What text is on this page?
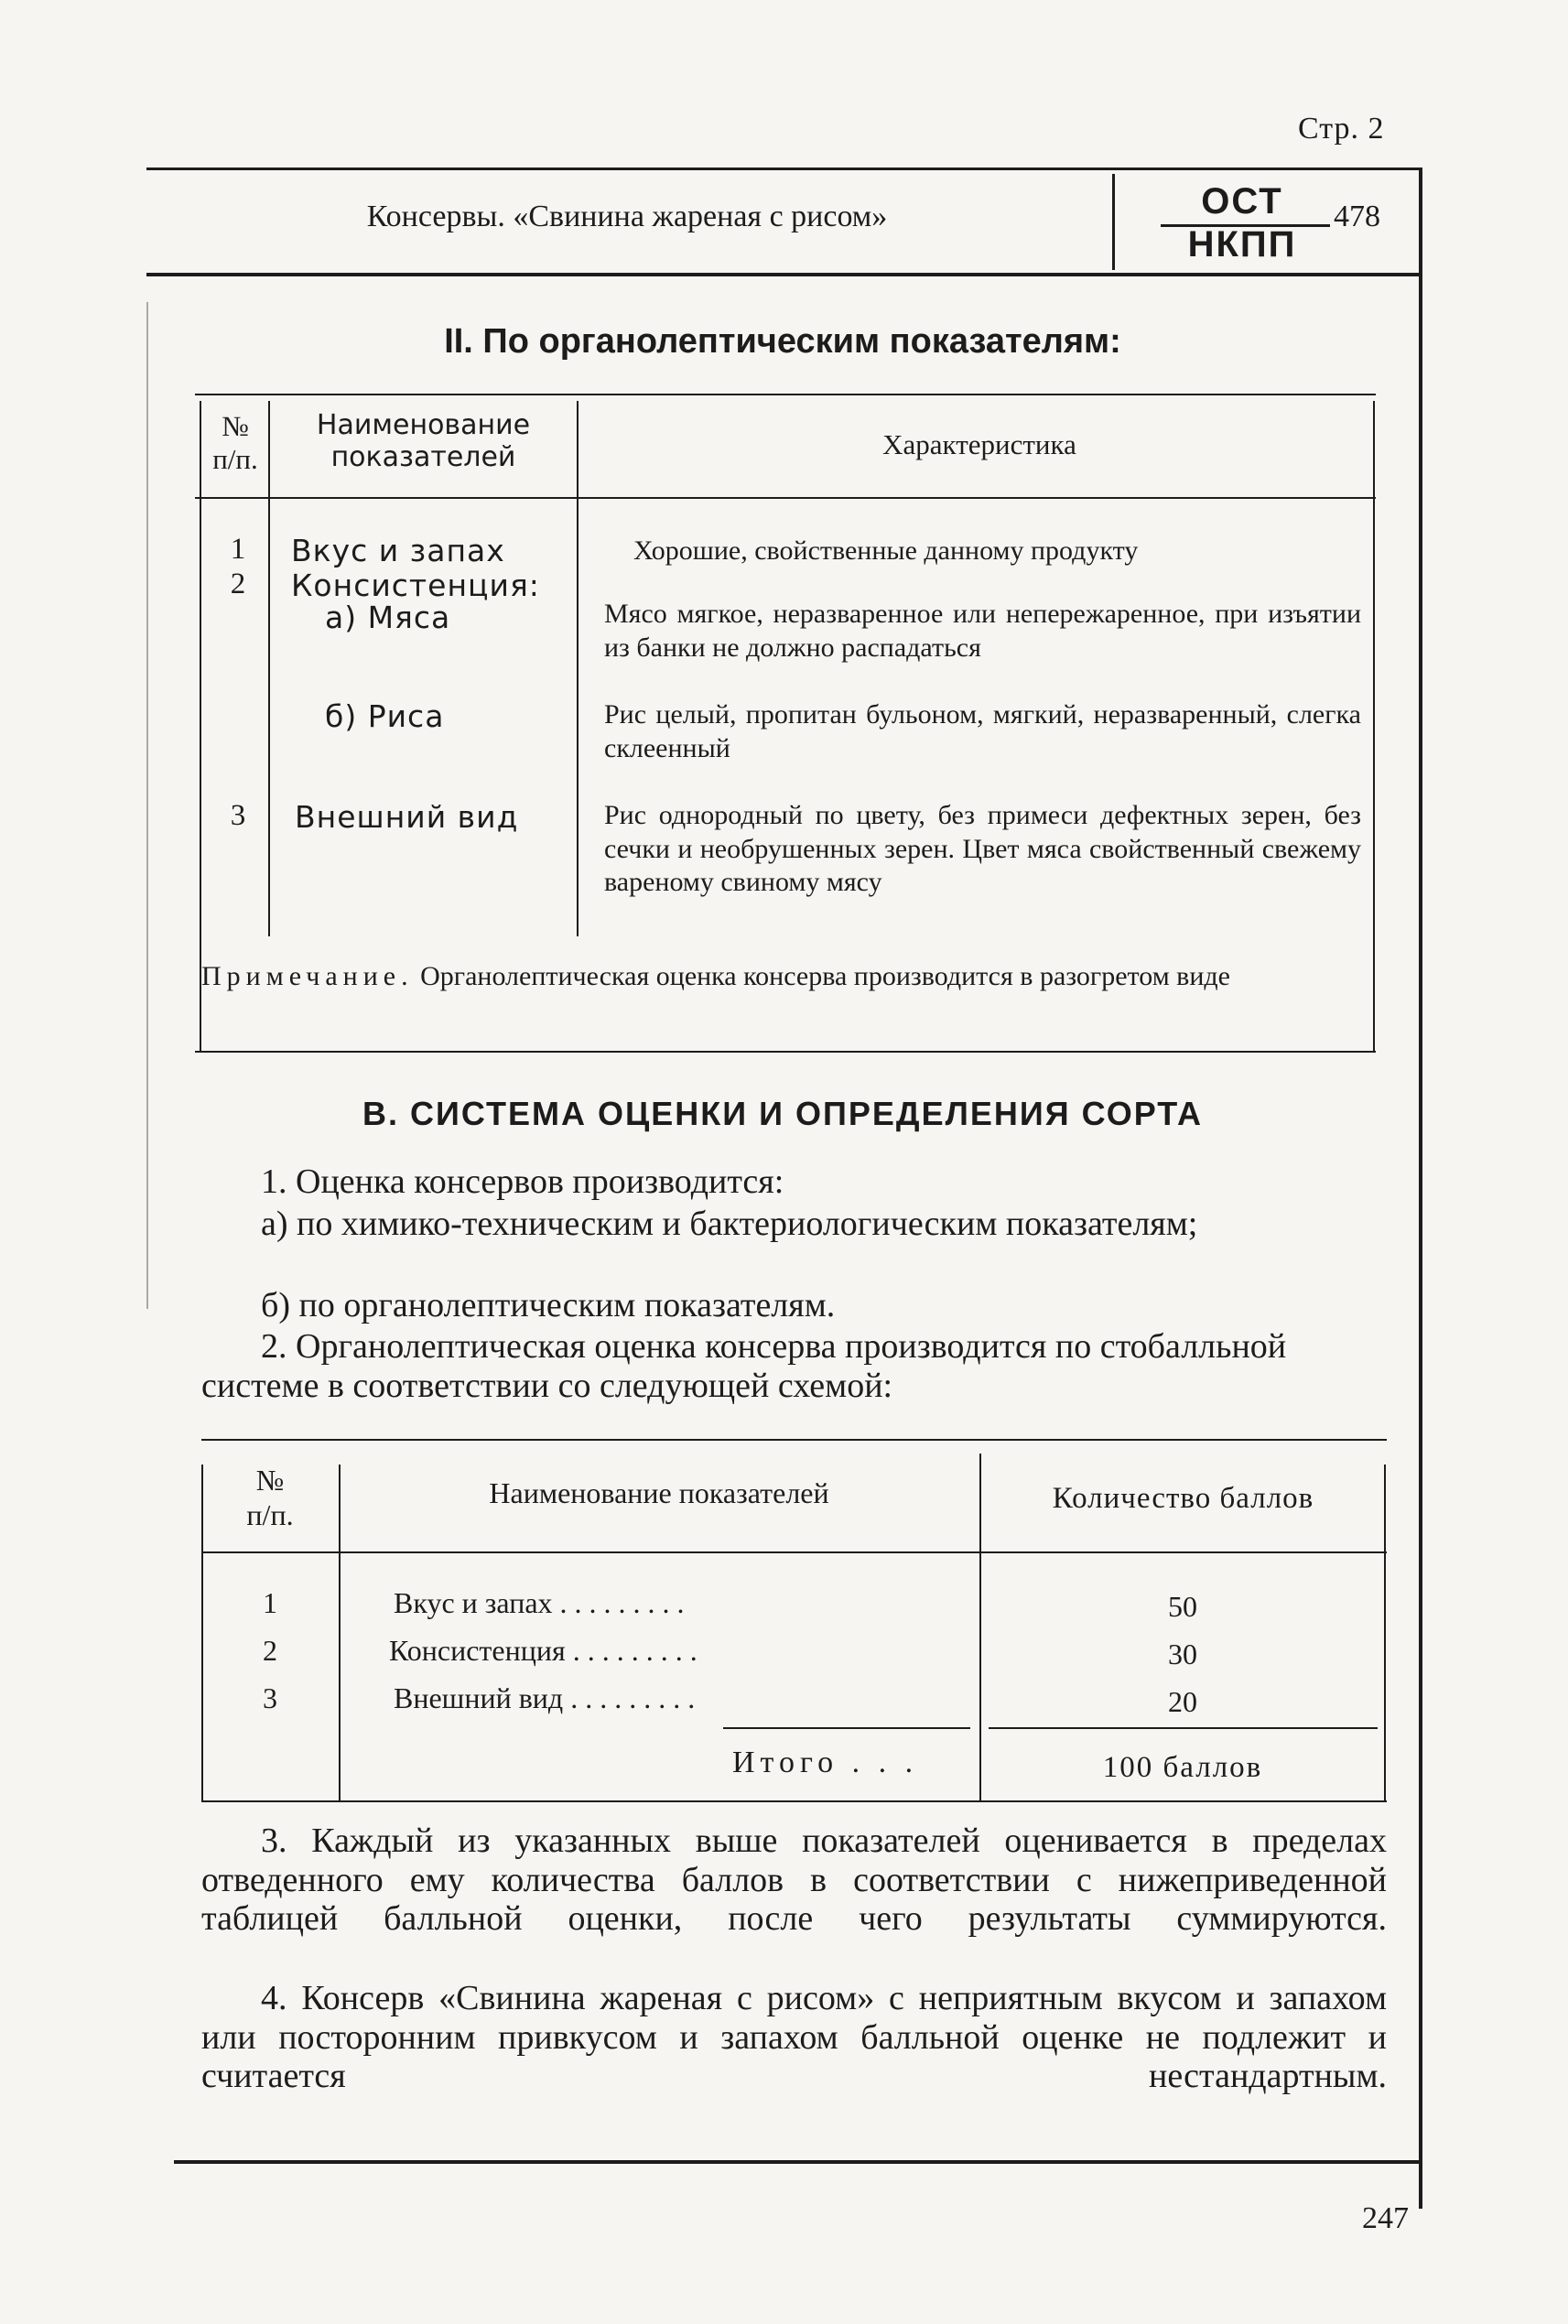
Стр. 2
Консервы. «Свинина жареная с рисом»	ОСТ
НКПП
478
II. По органолептическим показателям:
№
п/п.
Наименование
показателей	Характеристика
1	Вкус и запах	Хорошие, свойственные данному продукту
2	Консистенция:
а) Мяса	Мясо мягкое, неразваренное или непережаренное, при изъятии из банки не должно распадаться
б) Риса	Рис целый, пропитан бульоном, мягкий, неразваренный, слегка склеенный
3	Внешний вид	Рис однородный по цвету, без примеси дефектных зерен, без сечки и необрушенных зерен. Цвет мяса свойственный свежему вареному свиному мясу
Примечание. Органолептическая оценка консерва производится в разогретом виде
В. СИСТЕМА ОЦЕНКИ И ОПРЕДЕЛЕНИЯ СОРТА
1. Оценка консервов производится:
а) по химико-техническим и бактериологическим показателям;
б) по органолептическим показателям.
2. Органолептическая оценка консерва производится по стобалльной системе в соответствии со следующей схемой:
№
п/п.
Наименование показателей	Количество баллов
1	Вкус и запах . . . . . . . . .	50
2	Консистенция . . . . . . . . .	30
3	Внешний вид . . . . . . . . .	20
Итого . . .	100 баллов
3. Каждый из указанных выше показателей оценивается в пределах отведенного ему количества баллов в соответствии с нижеприведенной таблицей балльной оценки, после чего результаты суммируются.
4. Консерв «Свинина жареная с рисом» с неприятным вкусом и запахом или посторонним привкусом и запахом балльной оценке не подлежит и считается нестандартным.
247
